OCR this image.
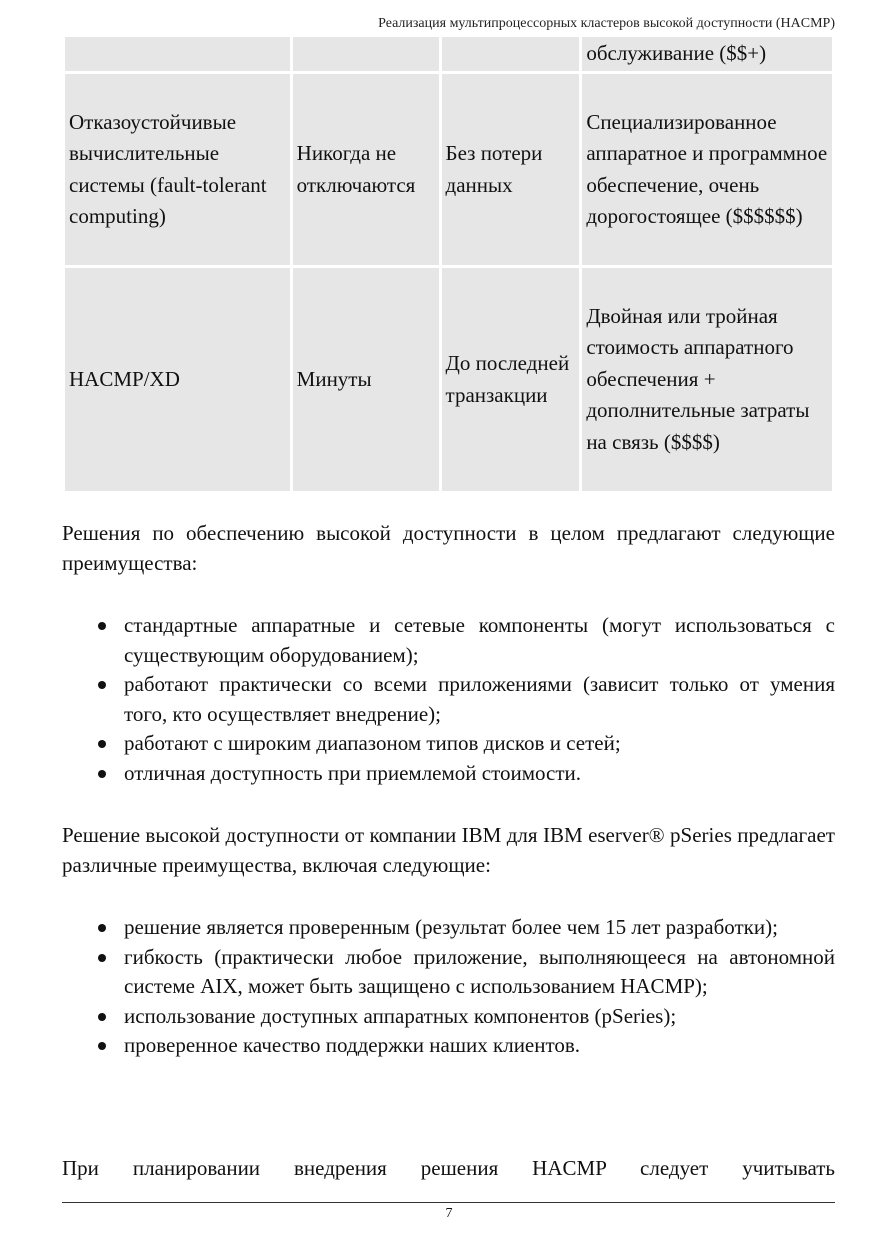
Реализация мультипроцессорных кластеров высокой доступности (HACMP)
			обслуживание ($$+)
Отказоустойчивые вычислительные системы (fault-tolerant computing)	Никогда не отключаются	Без потери данных	Специализированное аппаратное и программное обеспечение, очень дорогостоящее ($$$$$$)
HACMP/XD	Минуты	До последней транзакции	Двойная или тройная стоимость аппаратного обеспечения + дополнительные затраты на связь ($$$$)
Решения по обеспечению высокой доступности в целом предлагают следующие преимущества:
стандартные аппаратные и сетевые компоненты (могут использоваться с существующим оборудованием);
работают практически со всеми приложениями (зависит только от умения того, кто осуществляет внедрение);
работают с широким диапазоном типов дисков и сетей;
отличная доступность при приемлемой стоимости.
Решение высокой доступности от компании IBM для IBM eserver® pSeries предлагает различные преимущества, включая следующие:
решение является проверенным (результат более чем 15 лет разработки);
гибкость (практически любое приложение, выполняющееся на автономной системе AIX, может быть защищено с использованием HACMP);
использование доступных аппаратных компонентов (pSeries);
проверенное качество поддержки наших клиентов.
При планировании внедрения решения HACMP следует учитывать
7
